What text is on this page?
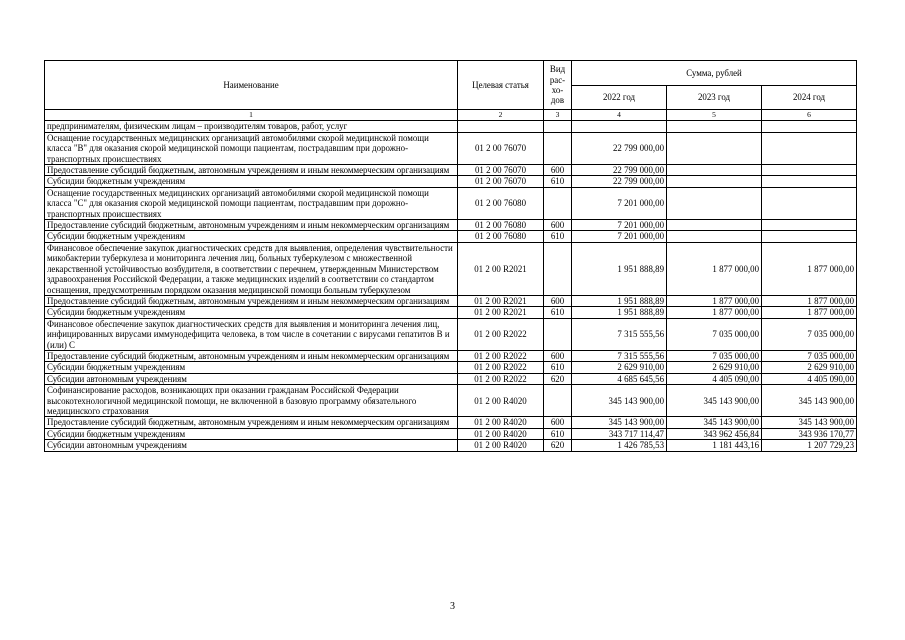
Наименование	Целевая статья	Вид рас- хо- дов	Сумма, рублей		
			2022 год	2023 год	2024 год
1	2	3	4	5	6
предпринимателям, физическим лицам – производителям товаров, работ, услуг					
Оснащение государственных медицинских организаций автомобилями скорой медицинской помощи класса "В" для оказания скорой медицинской помощи пациентам, пострадавшим при дорожно-транспортных происшествиях	01 2 00 76070		22 799 000,00		
Предоставление субсидий бюджетным, автономным учреждениям и иным некоммерческим организациям	01 2 00 76070	600	22 799 000,00		
Субсидии бюджетным учреждениям	01 2 00 76070	610	22 799 000,00		
Оснащение государственных медицинских организаций автомобилями скорой медицинской помощи класса "С" для оказания скорой медицинской помощи пациентам, пострадавшим при дорожно-транспортных происшествиях	01 2 00 76080		7 201 000,00		
Предоставление субсидий бюджетным, автономным учреждениям и иным некоммерческим организациям	01 2 00 76080	600	7 201 000,00		
Субсидии бюджетным учреждениям	01 2 00 76080	610	7 201 000,00		
Финансовое обеспечение закупок диагностических средств для выявления, определения чувствительности микобактерии туберкулеза и мониторинга лечения лиц, больных туберкулезом с множественной лекарственной устойчивостью возбудителя, в соответствии с перечнем, утвержденным Министерством здравоохранения Российской Федерации, а также медицинских изделий в соответствии со стандартом оснащения, предусмотренным порядком оказания медицинской помощи больным туберкулезом	01 2 00 R2021		1 951 888,89	1 877 000,00	1 877 000,00
Предоставление субсидий бюджетным, автономным учреждениям и иным некоммерческим организациям	01 2 00 R2021	600	1 951 888,89	1 877 000,00	1 877 000,00
Субсидии бюджетным учреждениям	01 2 00 R2021	610	1 951 888,89	1 877 000,00	1 877 000,00
Финансовое обеспечение закупок диагностических средств для выявления и мониторинга лечения лиц, инфицированных вирусами иммунодефицита человека, в том числе в сочетании с вирусами гепатитов В и (или) С	01 2 00 R2022		7 315 555,56	7 035 000,00	7 035 000,00
Предоставление субсидий бюджетным, автономным учреждениям и иным некоммерческим организациям	01 2 00 R2022	600	7 315 555,56	7 035 000,00	7 035 000,00
Субсидии бюджетным учреждениям	01 2 00 R2022	610	2 629 910,00	2 629 910,00	2 629 910,00
Субсидии автономным учреждениям	01 2 00 R2022	620	4 685 645,56	4 405 090,00	4 405 090,00
Софинансирование расходов, возникающих при оказании гражданам Российской Федерации высокотехнологичной медицинской помощи, не включенной в базовую программу обязательного медицинского страхования	01 2 00 R4020		345 143 900,00	345 143 900,00	345 143 900,00
Предоставление субсидий бюджетным, автономным учреждениям и иным некоммерческим организациям	01 2 00 R4020	600	345 143 900,00	345 143 900,00	345 143 900,00
Субсидии бюджетным учреждениям	01 2 00 R4020	610	343 717 114,47	343 962 456,84	343 936 170,77
Субсидии автономным учреждениям	01 2 00 R4020	620	1 426 785,53	1 181 443,16	1 207 729,23
3
